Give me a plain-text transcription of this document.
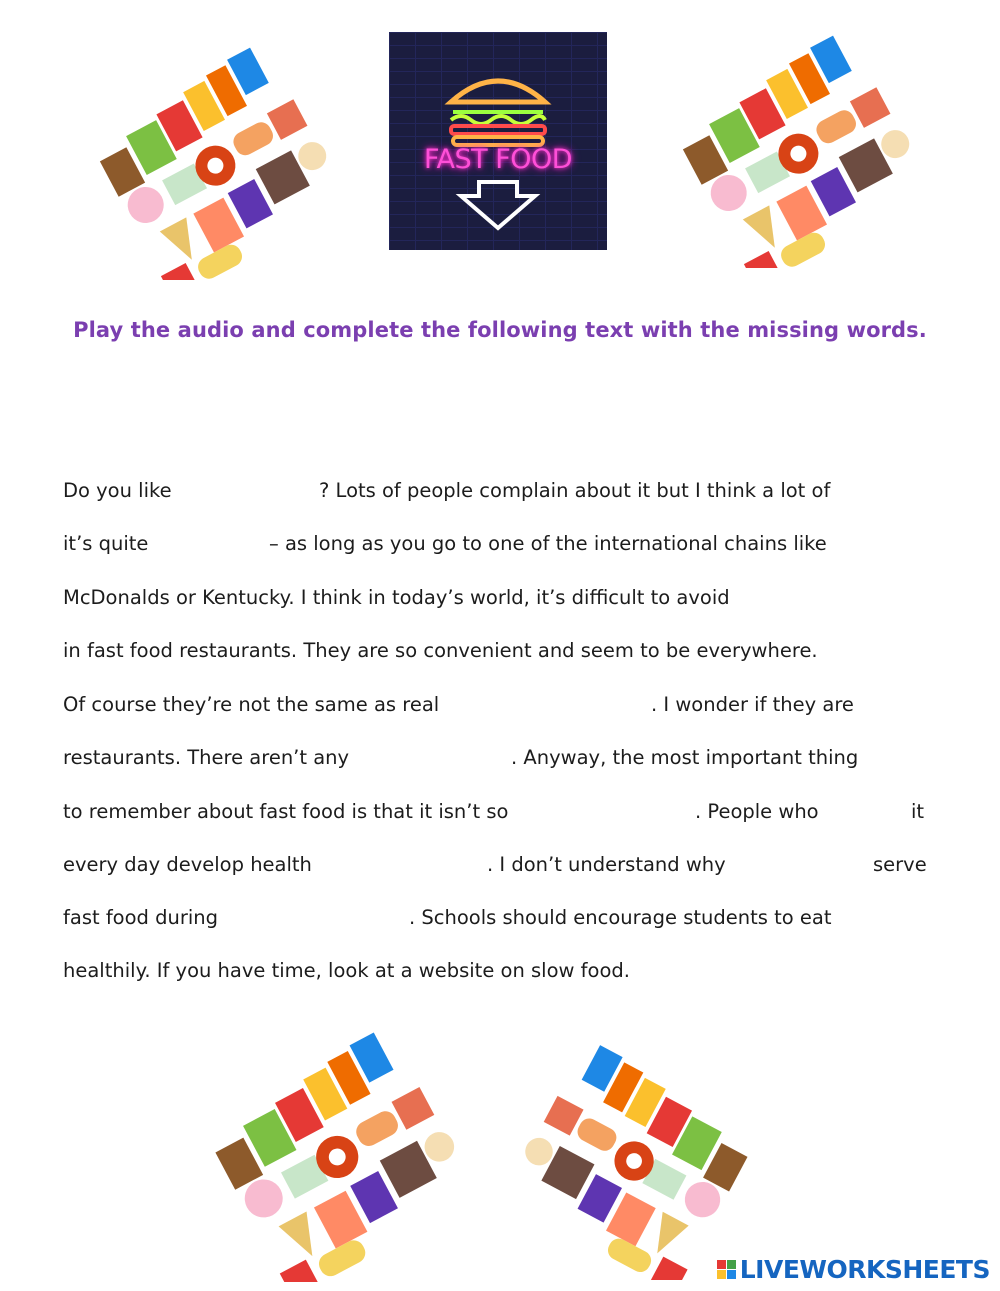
FAST FOOD
Play the audio and complete the following text with the missing words.
Do you like	? Lots of people complain about it but I think a lot of
it’s quite	– as long as you go to one of the international chains like
McDonalds or Kentucky. I think in today’s world, it’s difficult to avoid
in fast food restaurants. They are so convenient and seem to be everywhere.
Of course they’re not the same as real	. I wonder if they are
restaurants. There aren’t any	. Anyway, the most important thing
to remember about fast food is that it isn’t so	. People who	it
every day develop health	. I don’t understand why	serve
fast food during	. Schools should encourage students to eat
healthily. If you have time, look at a website on slow food.
LIVEWORKSHEETS
